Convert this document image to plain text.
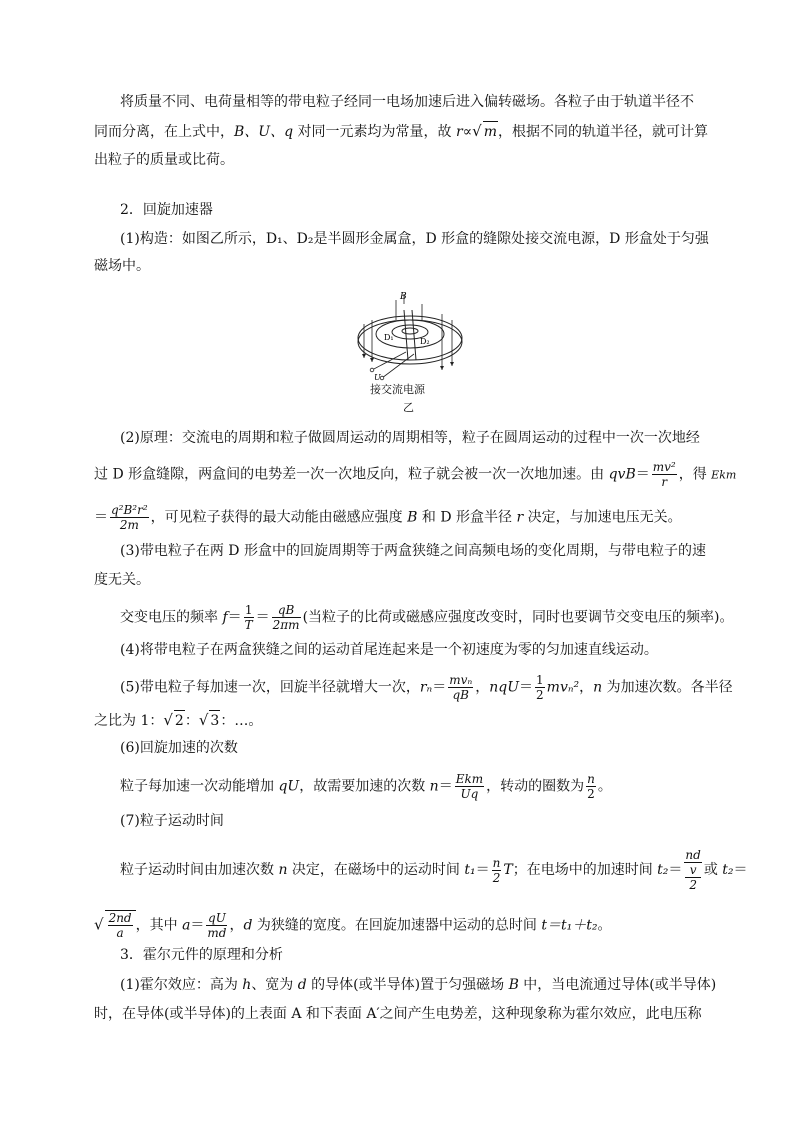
将质量不同、电荷量相等的带电粒子经同一电场加速后进入偏转磁场。各粒子由于轨道半径不
同而分离，在上式中，B、U、q 对同一元素均为常量，故 r∝√ m，根据不同的轨道半径，就可计算
出粒子的质量或比荷。
2．回旋加速器
(1)构造：如图乙所示，D₁、D₂是半圆形金属盒，D 形盒的缝隙处接交流电源，D 形盒处于匀强
磁场中。
B
D₁	D₂
U
接交流电源
乙
(2)原理：交流电的周期和粒子做圆周运动的周期相等，粒子在圆周运动的过程中一次一次地经
过 D 形盒缝隙，两盒间的电势差一次一次地反向，粒子就会被一次一次地加速。由 $qvB= \frac{\text{mv²}}{r}$ ，得 Ekm
＝ $\frac{\text{q²B²r²}}{2m}$ ，可见粒子获得的最大动能由磁感应强度 B 和 D 形盒半径 r 决定，与加速电压无关。
(3)带电粒子在两 D 形盒中的回旋周期等于两盒狭缝之间高频电场的变化周期，与带电粒子的速
度无关。
交变电压的频率 $f= \frac{1}{T} = \frac{qB}{2\pi m}$ (当粒子的比荷或磁感应强度改变时，同时也要调节交变电压的频率)。
(4)将带电粒子在两盒狭缝之间的运动首尾连起来是一个初速度为零的匀加速直线运动。
(5)带电粒子每加速一次，回旋半径就增大一次，$r_n= \frac{\text{mvₙ}}{qB}$ ，$nqU= \frac{1}{2} mv_n^2$，n 为加速次数。各半径
之比为 1：√ 2：√ 3：…。
(6)回旋加速的次数
粒子每加速一次动能增加 qU，故需要加速的次数 $n= \frac{\text{Ekm}}{Uq}$ ，转动的圈数为 $\frac{n}{2}$ 。
(7)粒子运动时间
粒子运动时间由加速次数 n 决定，在磁场中的运动时间 $t_1= \frac{n}{2}$ T；在电场中的加速时间 t₂＝ nd
v
2 或 t₂＝
√ $\frac{2nd}{a}$ ，其中 $a= \frac{qU}{md}$ ，d 为狭缝的宽度。在回旋加速器中运动的总时间 t＝t₁＋t₂。
3．霍尔元件的原理和分析
(1)霍尔效应：高为 h、宽为 d 的导体(或半导体)置于匀强磁场 B 中，当电流通过导体(或半导体)
时，在导体(或半导体)的上表面 A 和下表面 A′之间产生电势差，这种现象称为霍尔效应，此电压称
